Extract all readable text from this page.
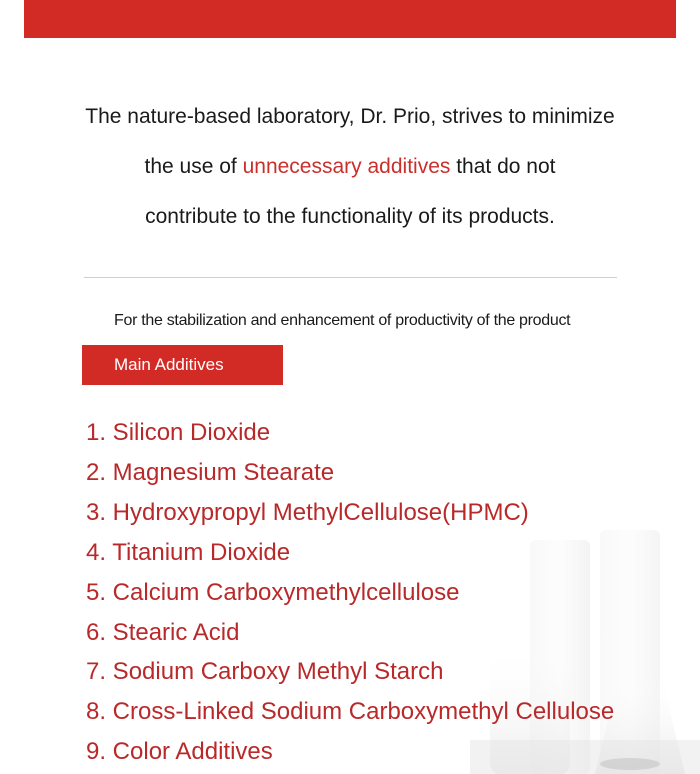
The nature-based laboratory, Dr. Prio, strives to minimize
the use of unnecessary additives that do not
contribute to the functionality of its products.
For the stabilization and enhancement of productivity of the product
Main Additives
1. Silicon Dioxide
2. Magnesium Stearate
3. Hydroxypropyl MethylCellulose(HPMC)
4. Titanium Dioxide
5. Calcium Carboxymethylcellulose
6. Stearic Acid
7. Sodium Carboxy Methyl Starch
8. Cross-Linked Sodium Carboxymethyl Cellulose
9. Color Additives
